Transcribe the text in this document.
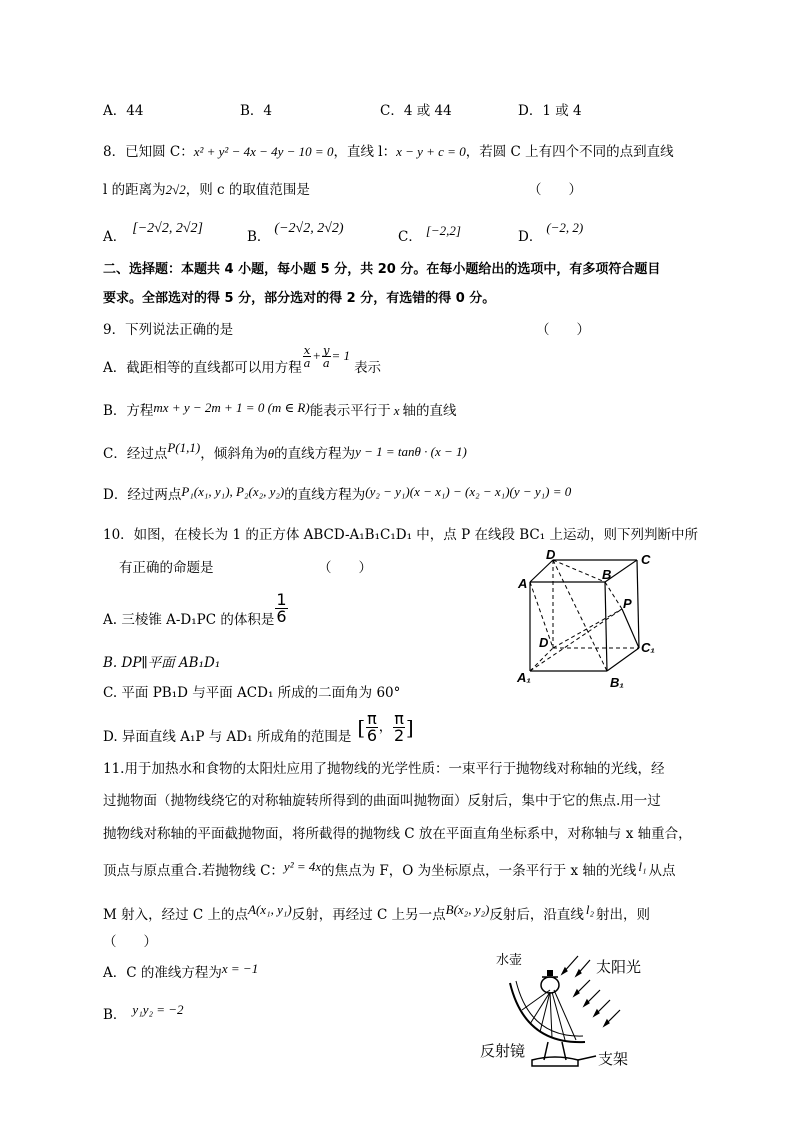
A．44	B．4	C．4 或 44	D．1 或 4
8．已知圆 C：x² + y² − 4x − 4y − 10 = 0，直线 l：x − y + c = 0，若圆 C 上有四个不同的点到直线
l 的距离为2√2，则 c 的取值范围是	（　　）
A．[−2√2, 2√2]
B．(−2√2, 2√2)
C． [−2,2]	D．(−2, 2)
二、选择题：本题共 4 小题，每小题 5 分，共 20 分。在每小题给出的选项中，有多项符合题目
要求。全部选对的得 5 分，部分选对的得 2 分，有选错的得 0 分。
9．下列说法正确的是	（　　）
A．截距相等的直线都可以用方程 $\frac{x}{a} + \frac{y}{a} = 1$表示
B．方程mx + y − 2m + 1 = 0 (m ∈ R)能表示平行于 x 轴的直线
C．经过点P(1,1)，倾斜角为θ的直线方程为y − 1 = tanθ · (x − 1)
D．经过两点P₁(x₁, y₁), P₂(x₂, y₂)的直线方程为(y₂ − y₁)(x − x₁) − (x₂ − x₁)(y − y₁) = 0
10．如图，在棱长为 1 的正方体 ABCD-A₁B₁C₁D₁ 中，点 P 在线段 BC₁ 上运动，则下列判断中所
有正确的命题是	（　　）
A. 三棱锥 A-D₁PC 的体积是 $\frac{1}{6}$
B. DP∥平面 AB₁D₁
C. 平面 PB₁D 与平面 ACD₁ 所成的二面角为 60°
D. 异面直线 A₁P 与 AD₁ 所成角的范围是 [ $\frac{\pi}{6}$ ， $\frac{\pi}{2}$ ]
A
B
C
D
P
D	C₁
A₁	B₁
11.用于加热水和食物的太阳灶应用了抛物线的光学性质：一束平行于抛物线对称轴的光线，经
过抛物面（抛物线绕它的对称轴旋转所得到的曲面叫抛物面）反射后，集中于它的焦点.用一过
抛物线对称轴的平面截抛物面，将所截得的抛物线 C 放在平面直角坐标系中，对称轴与 x 轴重合，
顶点与原点重合.若抛物线 C：y² = 4x的焦点为 F，O 为坐标原点，一条平行于 x 轴的光线 l₁ 从点
M 射入，经过 C 上的点A(x₁, y₁)反射，再经过 C 上另一点B(x₂, y₂)反射后，沿直线 l₂ 射出，则
（　　）
A．C 的准线方程为x = −1
B． y₁y₂ = −2
水壶	太阳光
反射镜	支架
